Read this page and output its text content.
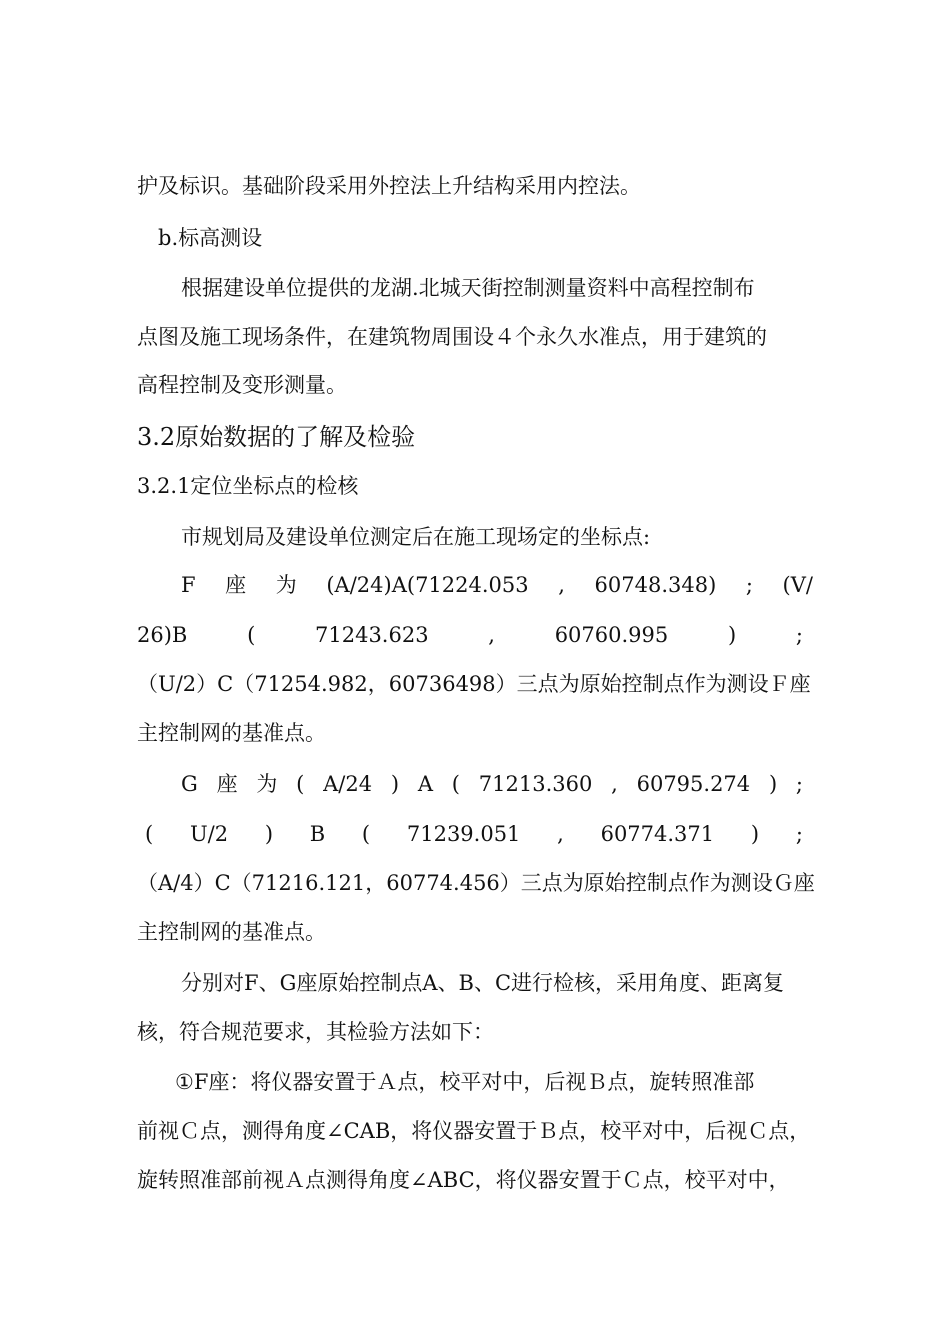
护及标识。基础阶段采用外控法上升结构采用内控法。
b.标高测设
根据建设单位提供的龙湖.北城天街控制测量资料中高程控制布
点图及施工现场条件，在建筑物周围设４个永久水准点，用于建筑的
高程控制及变形测量。
3.2原始数据的了解及检验
3.2.1定位坐标点的检核
市规划局及建设单位测定后在施工现场定的坐标点:
F 座 为 (A/24)A(71224.053 , 60748.348) ; (V/
26)B	(	71243.623	,	60760.995	)	;
（U/2）C（71254.982，60736498）三点为原始控制点作为测设Ｆ座
主控制网的基准点。
G 座 为 ( A/24 ) A ( 71213.360 , 60795.274 ) ;
( U/2 ) B ( 71239.051 , 60774.371 ) ;
（A/4）C（71216.121，60774.456）三点为原始控制点作为测设Ｇ座
主控制网的基准点。
分别对F、G座原始控制点A、B、C进行检核，采用角度、距离复
核，符合规范要求，其检验方法如下：
①F座：将仪器安置于Ａ点，校平对中，后视Ｂ点，旋转照准部
前视Ｃ点，测得角度∠CAB，将仪器安置于Ｂ点，校平对中，后视Ｃ点，
旋转照准部前视Ａ点测得角度∠ABC，将仪器安置于Ｃ点，校平对中，
